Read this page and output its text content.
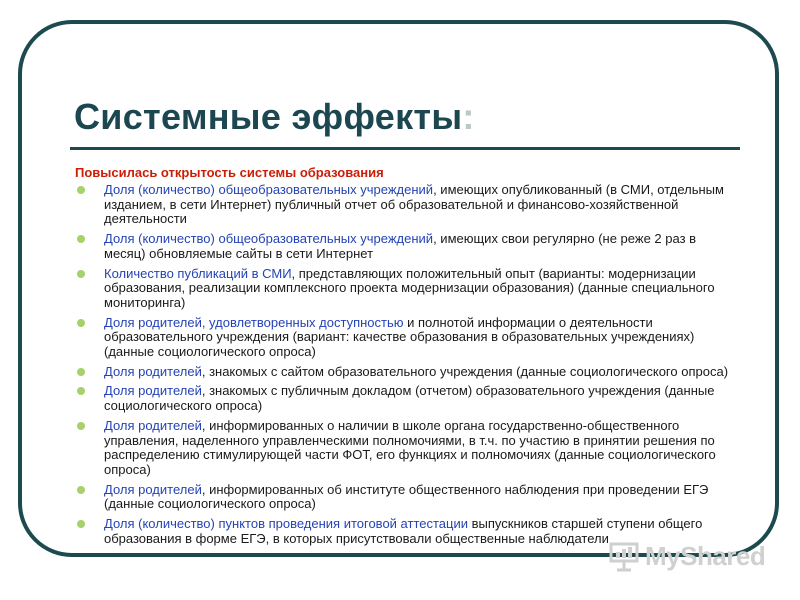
Системные эффекты:
Повысилась открытость системы образования
Доля (количество) общеобразовательных учреждений, имеющих опубликованный (в СМИ, отдельным изданием, в сети Интернет) публичный отчет об образовательной и финансово-хозяйственной деятельности
Доля (количество) общеобразовательных учреждений, имеющих свои регулярно (не реже 2 раз в месяц) обновляемые сайты в сети Интернет
Количество публикаций в СМИ, представляющих положительный опыт (варианты: модернизации образования, реализации комплексного проекта модернизации образования) (данные специального мониторинга)
Доля родителей, удовлетворенных доступностью и полнотой информации о деятельности образовательного учреждения (вариант: качестве образования в образовательных учреждениях) (данные социологического опроса)
Доля родителей, знакомых с сайтом образовательного учреждения (данные социологического опроса)
Доля родителей, знакомых с публичным докладом (отчетом) образовательного учреждения (данные социологического опроса)
Доля родителей, информированных о наличии в школе органа государственно-общественного управления, наделенного управленческими полномочиями, в т.ч. по участию в принятии решения по распределению стимулирующей части ФОТ, его функциях и полномочиях (данные социологического опроса)
Доля родителей, информированных об институте общественного наблюдения при проведении ЕГЭ (данные социологического опроса)
Доля (количество) пунктов проведения итоговой аттестации выпускников старшей ступени общего образования в форме ЕГЭ, в которых присутствовали общественные наблюдатели
MyShared
